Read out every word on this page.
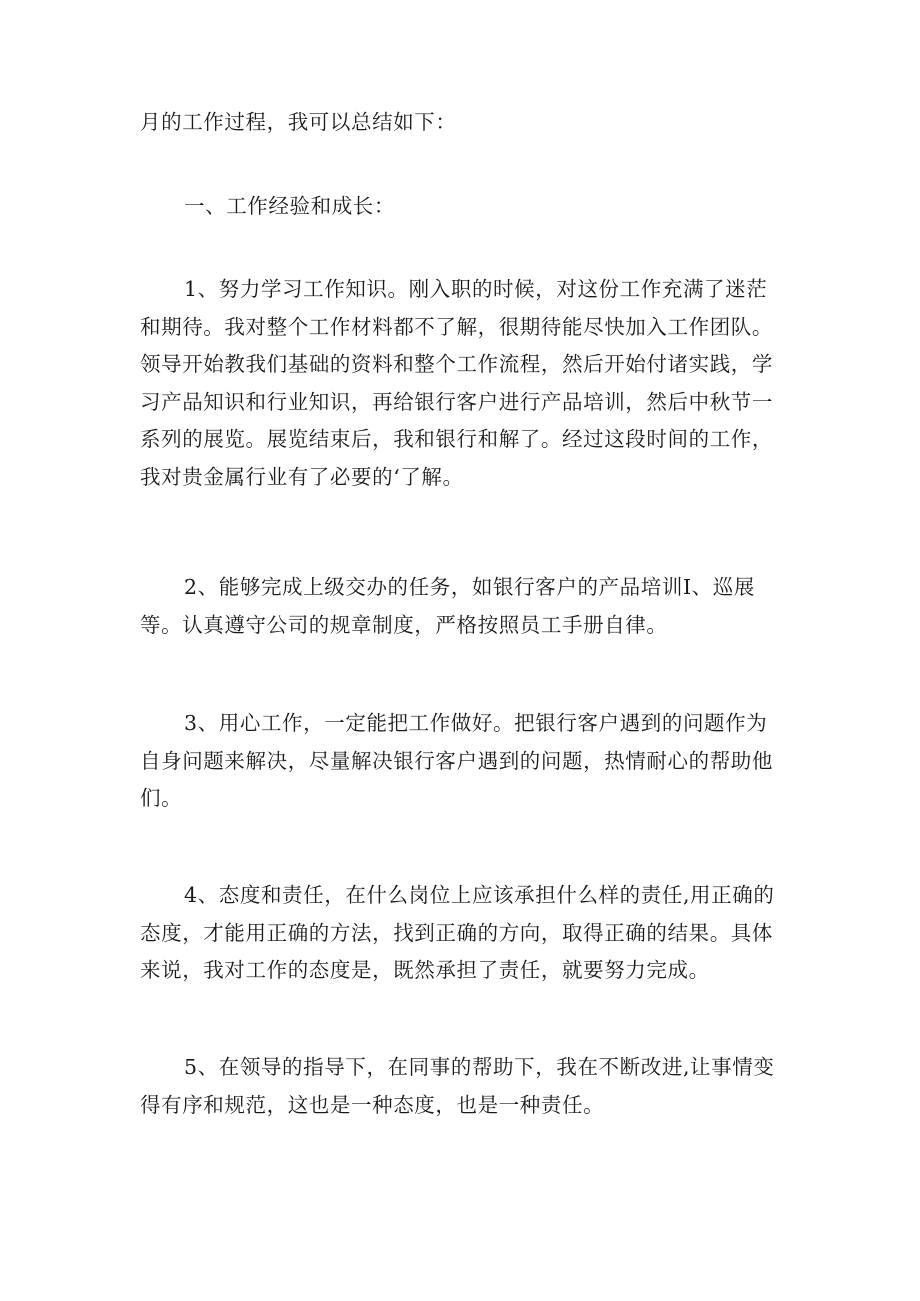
月的工作过程，我可以总结如下：

一、工作经验和成长：

1、努力学习工作知识。刚入职的时候，对这份工作充满了迷茫
和期待。我对整个工作材料都不了解，很期待能尽快加入工作团队。
领导开始教我们基础的资料和整个工作流程，然后开始付诸实践，学
习产品知识和行业知识，再给银行客户进行产品培训，然后中秋节一
系列的展览。展览结束后，我和银行和解了。经过这段时间的工作，
我对贵金属行业有了必要的‘了解。

2、能够完成上级交办的任务，如银行客户的产品培训I、巡展
等。认真遵守公司的规章制度，严格按照员工手册自律。

3、用心工作，一定能把工作做好。把银行客户遇到的问题作为
自身问题来解决，尽量解决银行客户遇到的问题，热情耐心的帮助他
们。

4、态度和责任，在什么岗位上应该承担什么样的责任,用正确的
态度，才能用正确的方法，找到正确的方向，取得正确的结果。具体
来说，我对工作的态度是，既然承担了责任，就要努力完成。

5、在领导的指导下，在同事的帮助下，我在不断改进,让事情变
得有序和规范，这也是一种态度，也是一种责任。
